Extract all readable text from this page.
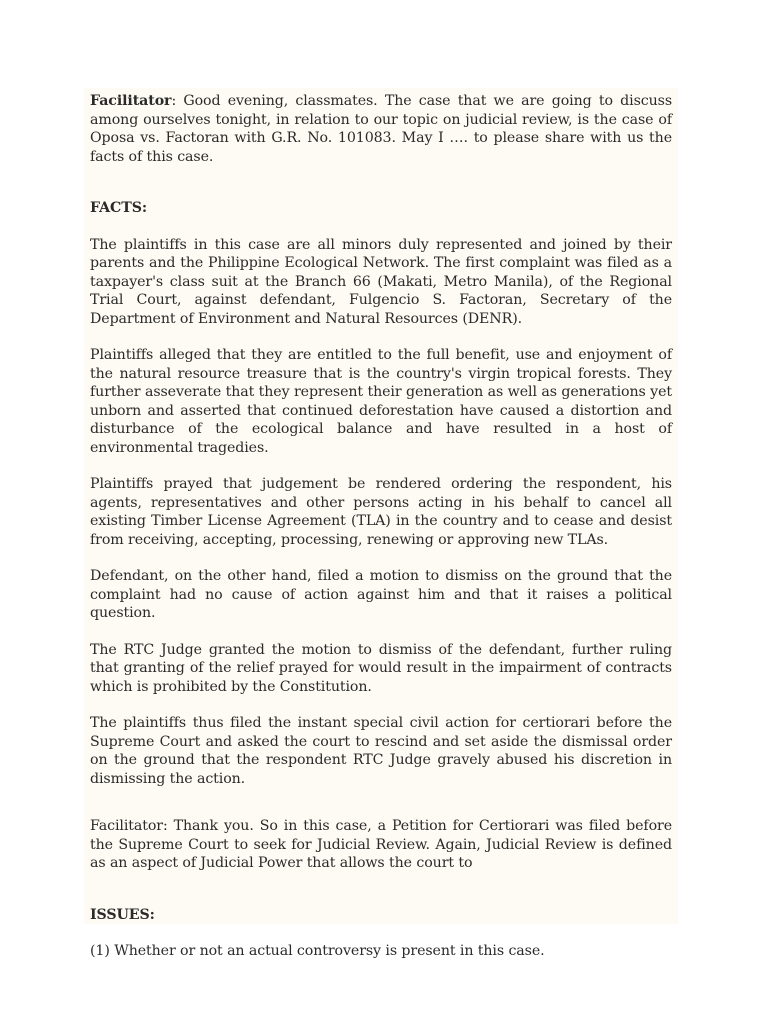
Facilitator: Good evening, classmates. The case that we are going to discuss among ourselves tonight, in relation to our topic on judicial review, is the case of Oposa vs. Factoran with G.R. No. 101083. May I …. to please share with us the facts of this case.

FACTS:

The plaintiffs in this case are all minors duly represented and joined by their parents and the Philippine Ecological Network. The first complaint was filed as a taxpayer's class suit at the Branch 66 (Makati, Metro Manila), of the Regional Trial Court, against defendant, Fulgencio S. Factoran, Secretary of the Department of Environment and Natural Resources (DENR).

Plaintiffs alleged that they are entitled to the full benefit, use and enjoyment of the natural resource treasure that is the country's virgin tropical forests. They further asseverate that they represent their generation as well as generations yet unborn and asserted that continued deforestation have caused a distortion and disturbance of the ecological balance and have resulted in a host of environmental tragedies.

Plaintiffs prayed that judgement be rendered ordering the respondent, his agents, representatives and other persons acting in his behalf to cancel all existing Timber License Agreement (TLA) in the country and to cease and desist from receiving, accepting, processing, renewing or approving new TLAs.

Defendant, on the other hand, filed a motion to dismiss on the ground that the complaint had no cause of action against him and that it raises a political question.

The RTC Judge granted the motion to dismiss of the defendant, further ruling that granting of the relief prayed for would result in the impairment of contracts which is prohibited by the Constitution.

The plaintiffs thus filed the instant special civil action for certiorari before the Supreme Court and asked the court to rescind and set aside the dismissal order on the ground that the respondent RTC Judge gravely abused his discretion in dismissing the action.

Facilitator: Thank you. So in this case, a Petition for Certiorari was filed before the Supreme Court to seek for Judicial Review. Again, Judicial Review is defined as an aspect of Judicial Power that allows the court to

ISSUES:

(1) Whether or not an actual controversy is present in this case.
